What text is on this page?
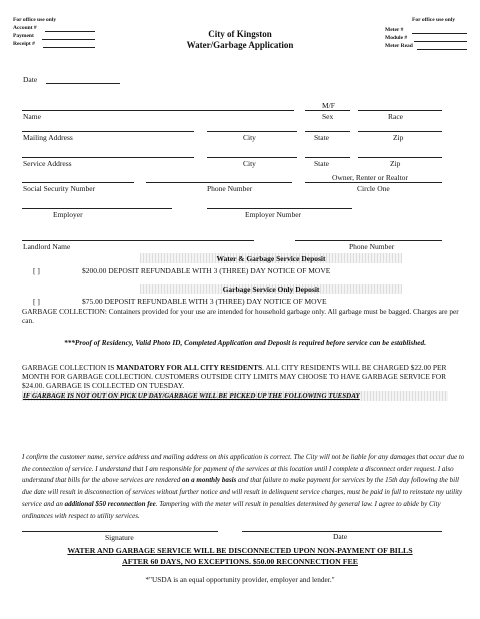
For office use only
Account #
Payment
Receipt #
City of Kingston
Water/Garbage Application
For office use only
Meter #
Module #
Meter Read
Date
M/F
Name	Sex	Race
Mailing Address	City	State	Zip
Service Address	City	State	Zip
Owner, Renter or Realtor
Social Security Number	Phone Number	Circle One
Employer	Employer Number
Landlord Name	Phone Number
Water & Garbage Service Deposit
[ ]	$200.00 DEPOSIT REFUNDABLE WITH 3 (THREE) DAY NOTICE OF MOVE
Garbage Service Only Deposit
[ ]	$75.00 DEPOSIT REFUNDABLE WITH 3 (THREE) DAY NOTICE OF MOVE
GARBAGE COLLECTION: Containers provided for your use are intended for household garbage only. All garbage must be bagged. Charges are per can.
***Proof of Residency, Valid Photo ID, Completed Application and Deposit is required before service can be established.
GARBAGE COLLECTION IS MANDATORY FOR ALL CITY RESIDENTS. ALL CITY RESIDENTS WILL BE CHARGED $22.00 PER MONTH FOR GARBAGE COLLECTION. CUSTOMERS OUTSIDE CITY LIMITS MAY CHOOSE TO HAVE GARBAGE SERVICE FOR $24.00. GARBAGE IS COLLECTED ON TUESDAY.
IF GARBAGE IS NOT OUT ON PICK UP DAY/GARBAGE WILL BE PICKED UP THE FOLLOWING TUESDAY
I confirm the customer name, service address and mailing address on this application is correct. The City will not be liable for any damages that occur due to the connection of service. I understand that I am responsible for payment of the services at this location until I complete a disconnect order request. I also understand that bills for the above services are rendered on a monthly basis and that failure to make payment for services by the 15th day following the bill due date will result in disconnection of services without further notice and will result in delinquent service charges, must be paid in full to reinstate my utility service and an additional $50 reconnection fee. Tampering with the meter will result in penalties determined by general law. I agree to abide by City ordinances with respect to utility services.
Signature	Date
WATER AND GARBAGE SERVICE WILL BE DISCONNECTED UPON NON-PAYMENT OF BILLS
AFTER 60 DAYS, NO EXCEPTIONS. $50.00 RECONNECTION FEE
*"USDA is an equal opportunity provider, employer and lender."
